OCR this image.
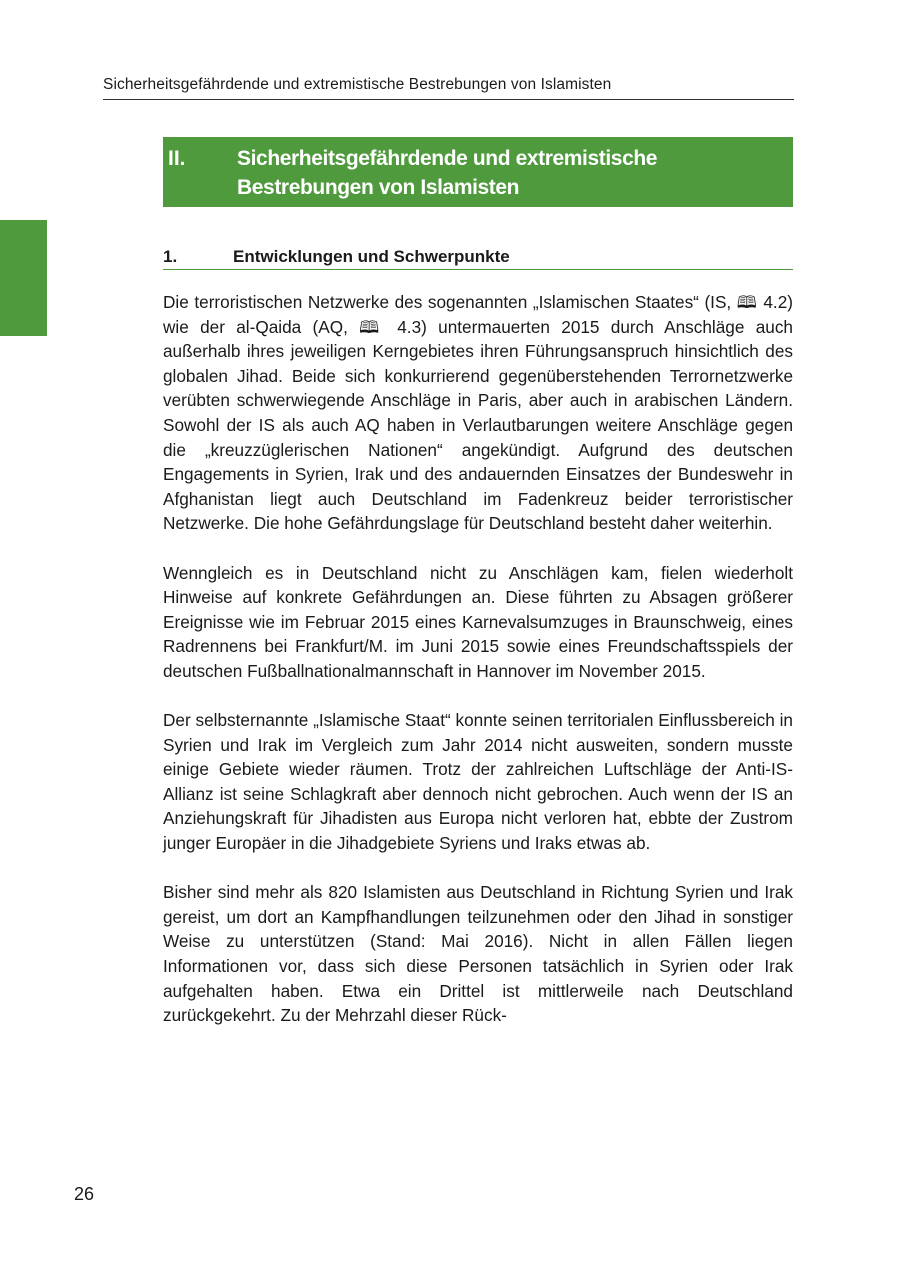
Sicherheitsgefährdende und extremistische Bestrebungen von Islamisten
II. Sicherheitsgefährdende und extremistische Bestrebungen von Islamisten
1.	Entwicklungen und Schwerpunkte

Die terroristischen Netzwerke des sogenannten „Islamischen Staates“ (IS, 🕮 4.2) wie der al-Qaida (AQ, 🕮 4.3) untermauerten 2015 durch Anschläge auch außerhalb ihres jeweiligen Kerngebietes ihren Führungsanspruch hinsichtlich des globalen Jihad. Beide sich konkurrierend gegenüberstehenden Terrornetzwerke verübten schwerwiegende Anschläge in Paris, aber auch in arabischen Ländern. Sowohl der IS als auch AQ haben in Verlautbarungen weitere Anschläge gegen die „kreuzzüglerischen Nationen“ angekündigt. Aufgrund des deutschen Engagements in Syrien, Irak und des andauernden Einsatzes der Bundeswehr in Afghanistan liegt auch Deutschland im Fadenkreuz beider terroristischer Netzwerke. Die hohe Gefährdungslage für Deutschland besteht daher weiterhin.

Wenngleich es in Deutschland nicht zu Anschlägen kam, fielen wiederholt Hinweise auf konkrete Gefährdungen an. Diese führten zu Absagen größerer Ereignisse wie im Februar 2015 eines Karnevalsumzuges in Braunschweig, eines Radrennens bei Frankfurt/M. im Juni 2015 sowie eines Freundschaftsspiels der deutschen Fußballnationalmannschaft in Hannover im November 2015.

Der selbsternannte „Islamische Staat“ konnte seinen territorialen Einflussbereich in Syrien und Irak im Vergleich zum Jahr 2014 nicht ausweiten, sondern musste einige Gebiete wieder räumen. Trotz der zahlreichen Luftschläge der Anti-IS-Allianz ist seine Schlagkraft aber dennoch nicht gebrochen. Auch wenn der IS an Anziehungskraft für Jihadisten aus Europa nicht verloren hat, ebbte der Zustrom junger Europäer in die Jihadgebiete Syriens und Iraks etwas ab.

Bisher sind mehr als 820 Islamisten aus Deutschland in Richtung Syrien und Irak gereist, um dort an Kampfhandlungen teilzunehmen oder den Jihad in sonstiger Weise zu unterstützen (Stand: Mai 2016). Nicht in allen Fällen liegen Informationen vor, dass sich diese Personen tatsächlich in Syrien oder Irak aufgehalten haben. Etwa ein Drittel ist mittlerweile nach Deutschland zurückgekehrt. Zu der Mehrzahl dieser Rück-

26
